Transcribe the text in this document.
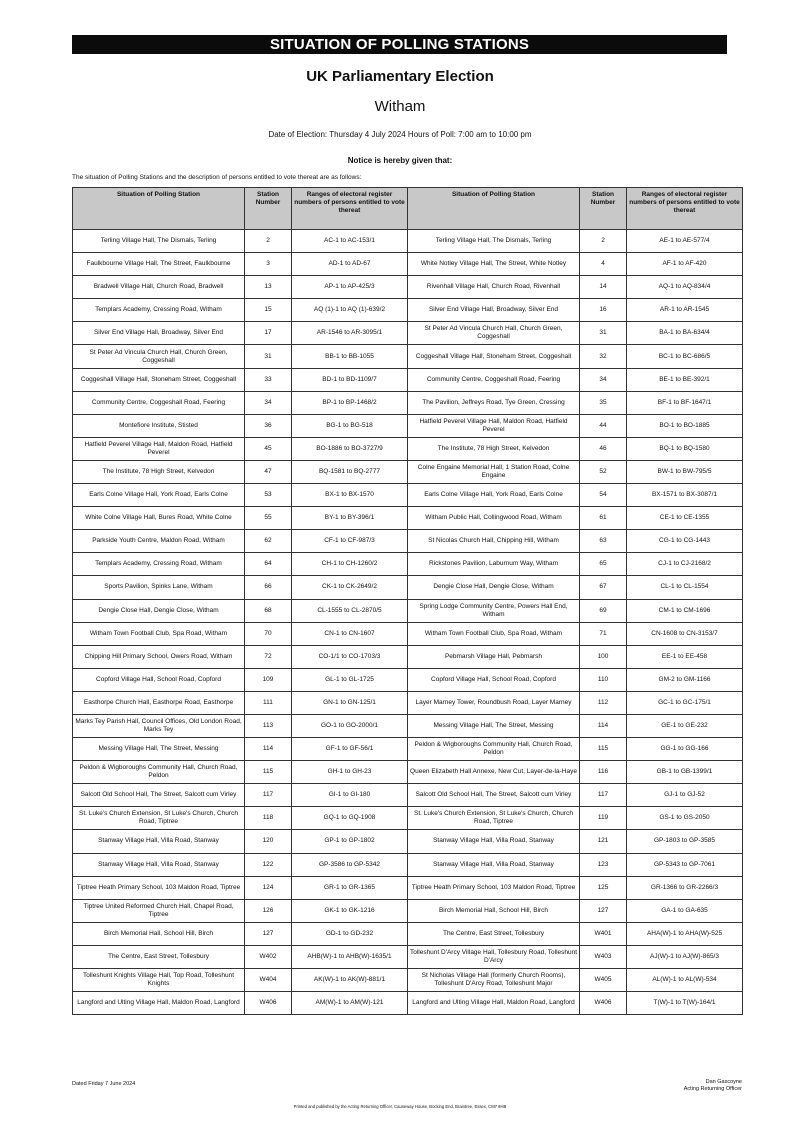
SITUATION OF POLLING STATIONS
UK Parliamentary Election
Witham
Date of Election: Thursday 4 July 2024 Hours of Poll: 7:00 am to 10:00 pm
Notice is hereby given that:
The situation of Polling Stations and the description of persons entitled to vote thereat are as follows:
Situation of Polling Station	Station Number	Ranges of electoral register numbers of persons entitled to vote thereat	Situation of Polling Station	Station Number	Ranges of electoral register numbers of persons entitled to vote thereat
Terling Village Hall, The Dismals, Terling	2	AC-1 to AC-153/1	Terling Village Hall, The Dismals, Terling	2	AE-1 to AE-577/4
Faulkbourne Village Hall, The Street, Faulkbourne	3	AD-1 to AD-67	White Notley Village Hall, The Street, White Notley	4	AF-1 to AF-420
Bradwell Village Hall, Church Road, Bradwell	13	AP-1 to AP-425/3	Rivenhall Village Hall, Church Road, Rivenhall	14	AQ-1 to AQ-834/4
Templars Academy, Cressing Road, Witham	15	AQ (1)-1 to AQ (1)-639/2	Silver End Village Hall, Broadway, Silver End	16	AR-1 to AR-1545
Silver End Village Hall, Broadway, Silver End	17	AR-1546 to AR-3095/1	St Peter Ad Vincula Church Hall, Church Green, Coggeshall	31	BA-1 to BA-634/4
St Peter Ad Vincula Church Hall, Church Green, Coggeshall	31	BB-1 to BB-1055	Coggeshall Village Hall, Stoneham Street, Coggeshall	32	BC-1 to BC-686/5
Coggeshall Village Hall, Stoneham Street, Coggeshall	33	BD-1 to BD-1109/7	Community Centre, Coggeshall Road, Feering	34	BE-1 to BE-392/1
Community Centre, Coggeshall Road, Feering	34	BP-1 to BP-1468/2	The Pavilion, Jeffreys Road, Tye Green, Cressing	35	BF-1 to BF-1647/1
Montefiore Institute, Stisted	36	BG-1 to BG-518	Hatfield Peverel Village Hall, Maldon Road, Hatfield Peverel	44	BO-1 to BO-1885
Hatfield Peverel Village Hall, Maldon Road, Hatfield Peverel	45	BO-1886 to BO-3727/9	The Institute, 78 High Street, Kelvedon	46	BQ-1 to BQ-1580
The Institute, 78 High Street, Kelvedon	47	BQ-1581 to BQ-2777	Colne Engaine Memorial Hall, 1 Station Road, Colne Engaine	52	BW-1 to BW-795/5
Earls Colne Village Hall, York Road, Earls Colne	53	BX-1 to BX-1570	Earls Colne Village Hall, York Road, Earls Colne	54	BX-1571 to BX-3087/1
White Colne Village Hall, Bures Road, White Colne	55	BY-1 to BY-396/1	Witham Public Hall, Collingwood Road, Witham	61	CE-1 to CE-1355
Parkside Youth Centre, Maldon Road, Witham	62	CF-1 to CF-987/3	St Nicolas Church Hall, Chipping Hill, Witham	63	CG-1 to CG-1443
Templars Academy, Cressing Road, Witham	64	CH-1 to CH-1260/2	Rickstones Pavilion, Laburnum Way, Witham	65	CJ-1 to CJ-2168/2
Sports Pavilion, Spinks Lane, Witham	66	CK-1 to CK-2649/2	Dengie Close Hall, Dengie Close, Witham	67	CL-1 to CL-1554
Dengie Close Hall, Dengie Close, Witham	68	CL-1555 to CL-2870/5	Spring Lodge Community Centre, Powers Hall End, Witham	69	CM-1 to CM-1696
Witham Town Football Club, Spa Road, Witham	70	CN-1 to CN-1607	Witham Town Football Club, Spa Road, Witham	71	CN-1608 to CN-3153/7
Chipping Hill Primary School, Owers Road, Witham	72	CO-1/1 to CO-1703/3	Pebmarsh Village Hall, Pebmarsh	100	EE-1 to EE-458
Copford Village Hall, School Road, Copford	109	GL-1 to GL-1725	Copford Village Hall, School Road, Copford	110	GM-2 to GM-1166
Easthorpe Church Hall, Easthorpe Road, Easthorpe	111	GN-1 to GN-125/1	Layer Marney Tower, Roundbush Road, Layer Marney	112	GC-1 to GC-175/1
Marks Tey Parish Hall, Council Offices, Old London Road, Marks Tey	113	GO-1 to GO-2000/1	Messing Village Hall, The Street, Messing	114	GE-1 to GE-232
Messing Village Hall, The Street, Messing	114	GF-1 to GF-56/1	Peldon & Wigboroughs Community Hall, Church Road, Peldon	115	GG-1 to GG-166
Peldon & Wigboroughs Community Hall, Church Road, Peldon	115	GH-1 to GH-23	Queen Elizabeth Hall Annexe, New Cut, Layer-de-la-Haye	116	GB-1 to GB-1399/1
Salcott Old School Hall, The Street, Salcott cum Virley	117	GI-1 to GI-180	Salcott Old School Hall, The Street, Salcott cum Virley	117	GJ-1 to GJ-52
St. Luke's Church Extension, St Luke's Church, Church Road, Tiptree	118	GQ-1 to GQ-1908	St. Luke's Church Extension, St Luke's Church, Church Road, Tiptree	119	GS-1 to GS-2050
Stanway Village Hall, Villa Road, Stanway	120	GP-1 to GP-1802	Stanway Village Hall, Villa Road, Stanway	121	GP-1803 to GP-3585
Stanway Village Hall, Villa Road, Stanway	122	GP-3586 to GP-5342	Stanway Village Hall, Villa Road, Stanway	123	GP-5343 to GP-7061
Tiptree Heath Primary School, 103 Maldon Road, Tiptree	124	GR-1 to GR-1365	Tiptree Heath Primary School, 103 Maldon Road, Tiptree	125	GR-1366 to GR-2266/3
Tiptree United Reformed Church Hall, Chapel Road, Tiptree	126	GK-1 to GK-1216	Birch Memorial Hall, School Hill, Birch	127	GA-1 to GA-635
Birch Memorial Hall, School Hill, Birch	127	GD-1 to GD-232	The Centre, East Street, Tollesbury	W401	AHA(W)-1 to AHA(W)-525
The Centre, East Street, Tollesbury	W402	AHB(W)-1 to AHB(W)-1635/1	Tolleshunt D'Arcy Village Hall, Tollesbury Road, Tolleshunt D'Arcy	W403	AJ(W)-1 to AJ(W)-865/3
Tolleshunt Knights Village Hall, Top Road, Tolleshunt Knights	W404	AK(W)-1 to AK(W)-881/1	St Nicholas Village Hall (formerly Church Rooms), Tolleshunt D'Arcy Road, Tolleshunt Major	W405	AL(W)-1 to AL(W)-534
Langford and Ulting Village Hall, Maldon Road, Langford	W406	AM(W)-1 to AM(W)-121	Langford and Ulting Village Hall, Maldon Road, Langford	W406	T(W)-1 to T(W)-164/1
Dated Friday 7 June 2024	Dan Gascoyne
Acting Returning Officer
Printed and published by the Acting Returning Officer, Causeway House, Bocking End, Braintree, Essex, CM7 9HB
